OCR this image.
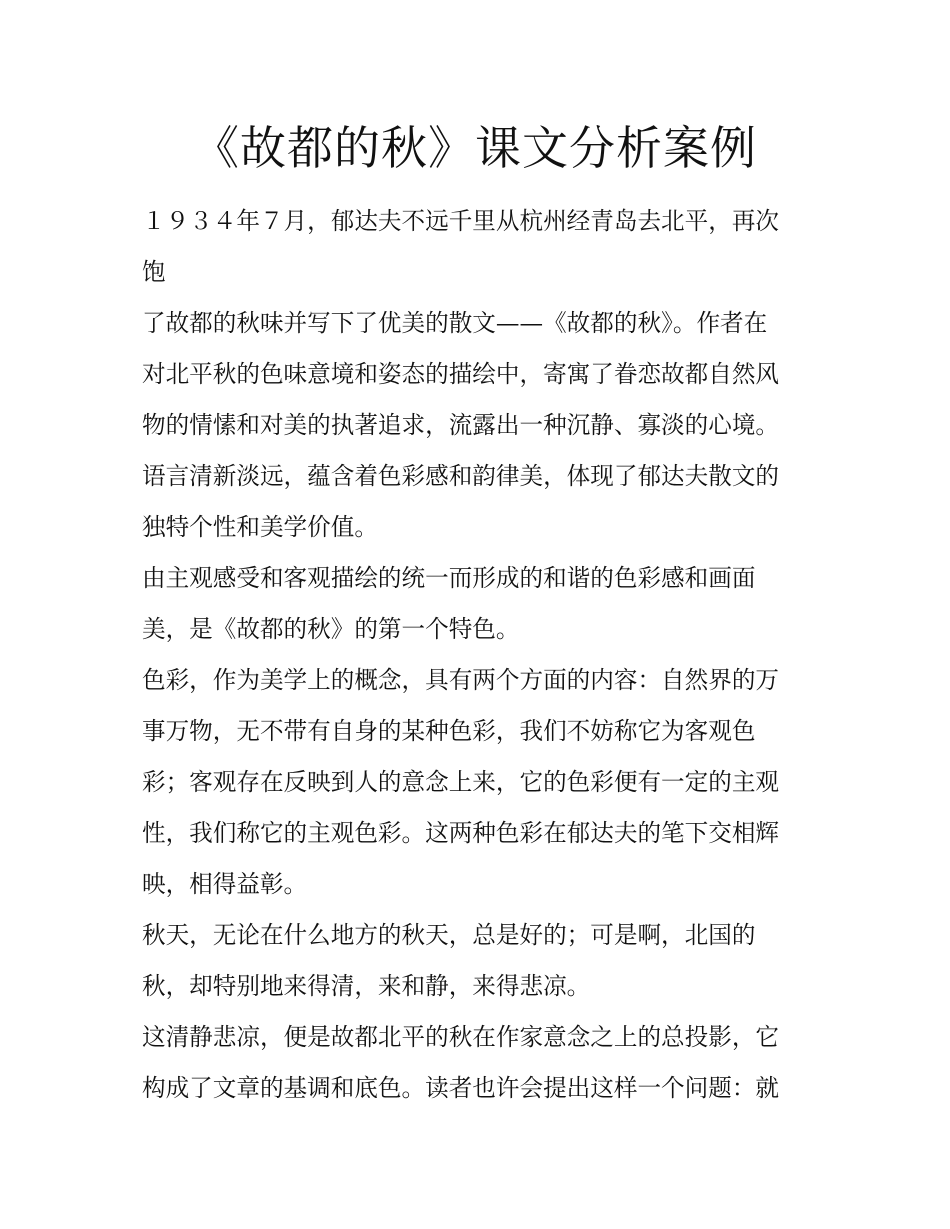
《故都的秋》课文分析案例

１９３４年７月，郁达夫不远千里从杭州经青岛去北平，再次

饱

了故都的秋味并写下了优美的散文——《故都的秋》。作者在

对北平秋的色味意境和姿态的描绘中，寄寓了眷恋故都自然风

物的情愫和对美的执著追求，流露出一种沉静、寡淡的心境。

语言清新淡远，蕴含着色彩感和韵律美，体现了郁达夫散文的

独特个性和美学价值。

由主观感受和客观描绘的统一而形成的和谐的色彩感和画面

美，是《故都的秋》的第一个特色。

色彩，作为美学上的概念，具有两个方面的内容：自然界的万

事万物，无不带有自身的某种色彩，我们不妨称它为客观色

彩；客观存在反映到人的意念上来，它的色彩便有一定的主观

性，我们称它的主观色彩。这两种色彩在郁达夫的笔下交相辉

映，相得益彰。

秋天，无论在什么地方的秋天，总是好的；可是啊，北国的

秋，却特别地来得清，来和静，来得悲凉。

这清静悲凉，便是故都北平的秋在作家意念之上的总投影，它

构成了文章的基调和底色。读者也许会提出这样一个问题：就
